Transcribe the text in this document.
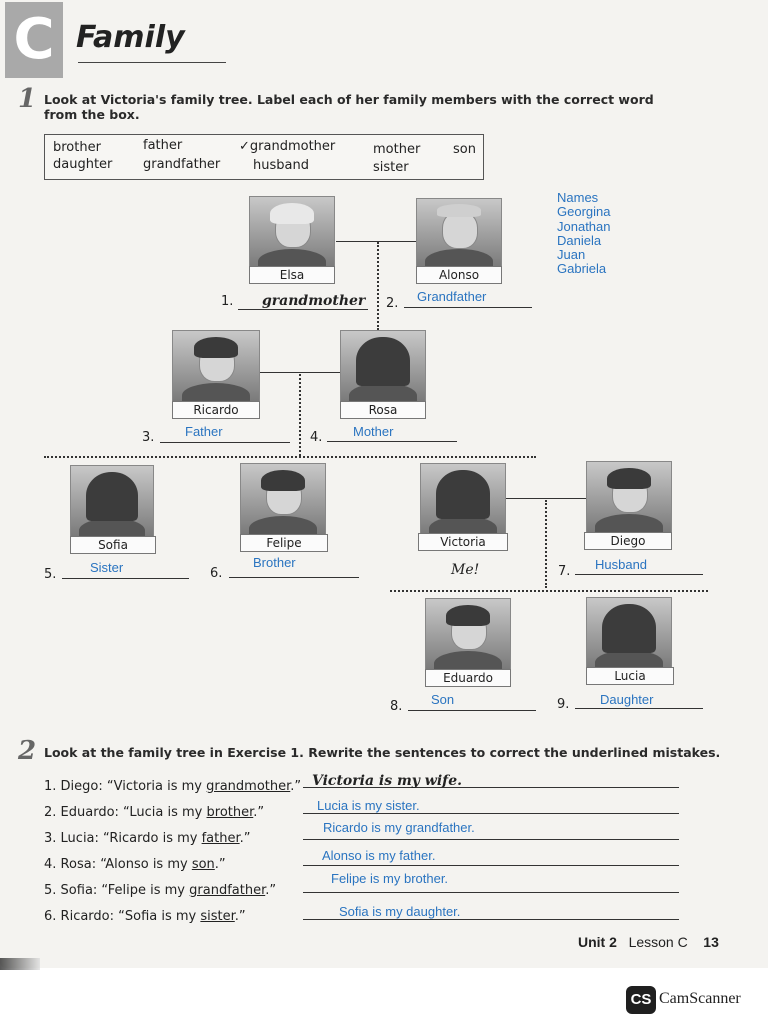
C Family
1 Look at Victoria's family tree. Label each of her family members with the correct word
from the box.
brother	father	✓grandmother	mother	son
daughter grandfather	husband	sister
Names
Georgina
Jonathan
Daniela
Juan
Gabriela
Elsa	Alonso
1. grandmother 2. Grandfather
Ricardo	Rosa
3. Father	4. Mother
Sofia	Felipe	Victoria	Diego
5.	Sister	6.
Brother	Me!	7. Husband
Eduardo	Lucia
8. Son	9. Daughter
2 Look at the family tree in Exercise 1. Rewrite the sentences to correct the underlined mistakes.
1. Diego: “Victoria is my grandmother.”
2. Eduardo: “Lucia is my brother.”
3. Lucia: “Ricardo is my father.”
4. Rosa: “Alonso is my son.”
5. Sofia: “Felipe is my grandfather.”
6. Ricardo: “Sofia is my sister.”
Victoria is my wife.
Lucia is my sister.
Ricardo is my grandfather.
Alonso is my father.
Felipe is my brother.
Sofia is my daughter.
Unit 2 Lesson C 13
CS CamScanner
